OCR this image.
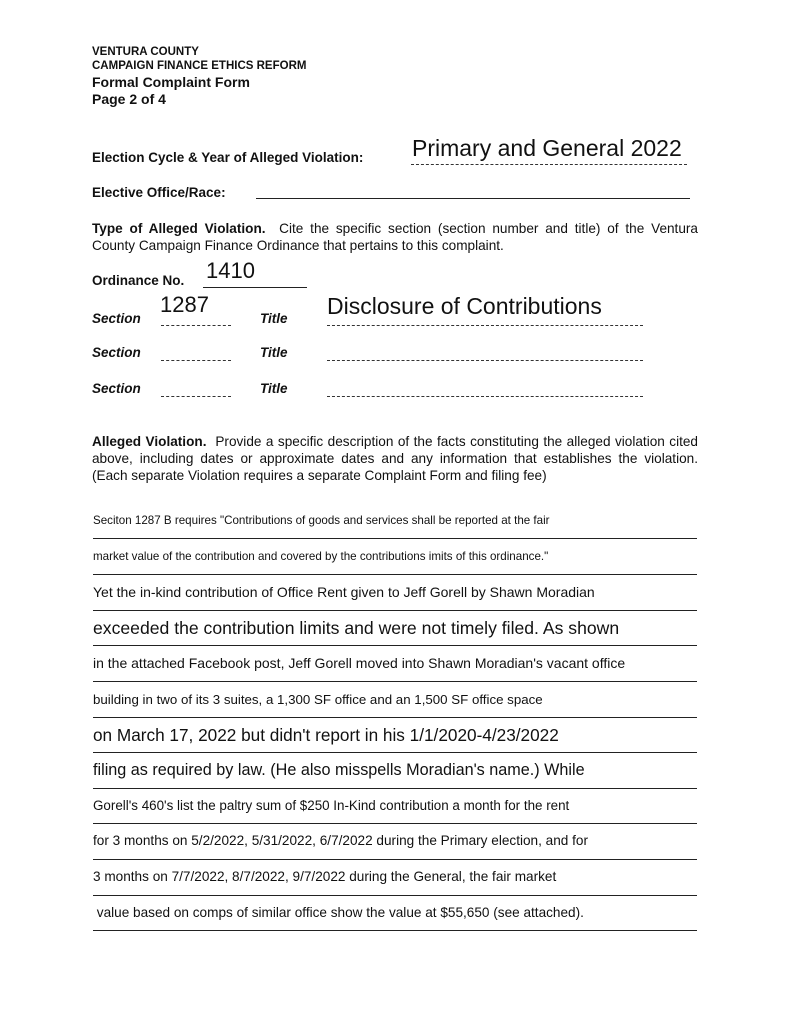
VENTURA COUNTY
CAMPAIGN FINANCE ETHICS REFORM
Formal Complaint Form
Page 2 of 4
Election Cycle & Year of Alleged Violation: Primary and General 2022
Elective Office/Race:
Type of Alleged Violation. Cite the specific section (section number and title) of the Ventura County Campaign Finance Ordinance that pertains to this complaint.
Ordinance No. 1410
Section
1287
Title Disclosure of Contributions
Section	Title
Section	Title
Alleged Violation. Provide a specific description of the facts constituting the alleged violation cited above, including dates or approximate dates and any information that establishes the violation. (Each separate Violation requires a separate Complaint Form and filing fee)
Seciton 1287 B requires "Contributions of goods and services shall be reported at the fair
market value of the contribution and covered by the contributions imits of this ordinance."
Yet the in-kind contribution of Office Rent given to Jeff Gorell by Shawn Moradian
exceeded the contribution limits and were not timely filed. As shown
in the attached Facebook post, Jeff Gorell moved into Shawn Moradian's vacant office
building in two of its 3 suites, a 1,300 SF office and an 1,500 SF office space
on March 17, 2022 but didn't report in his 1/1/2020-4/23/2022
filing as required by law. (He also misspells Moradian's name.) While
Gorell's 460's list the paltry sum of $250 In-Kind contribution a month for the rent
for 3 months on 5/2/2022, 5/31/2022, 6/7/2022 during the Primary election, and for
3 months on 7/7/2022, 8/7/2022, 9/7/2022 during the General, the fair market
value based on comps of similar office show the value at $55,650 (see attached).
